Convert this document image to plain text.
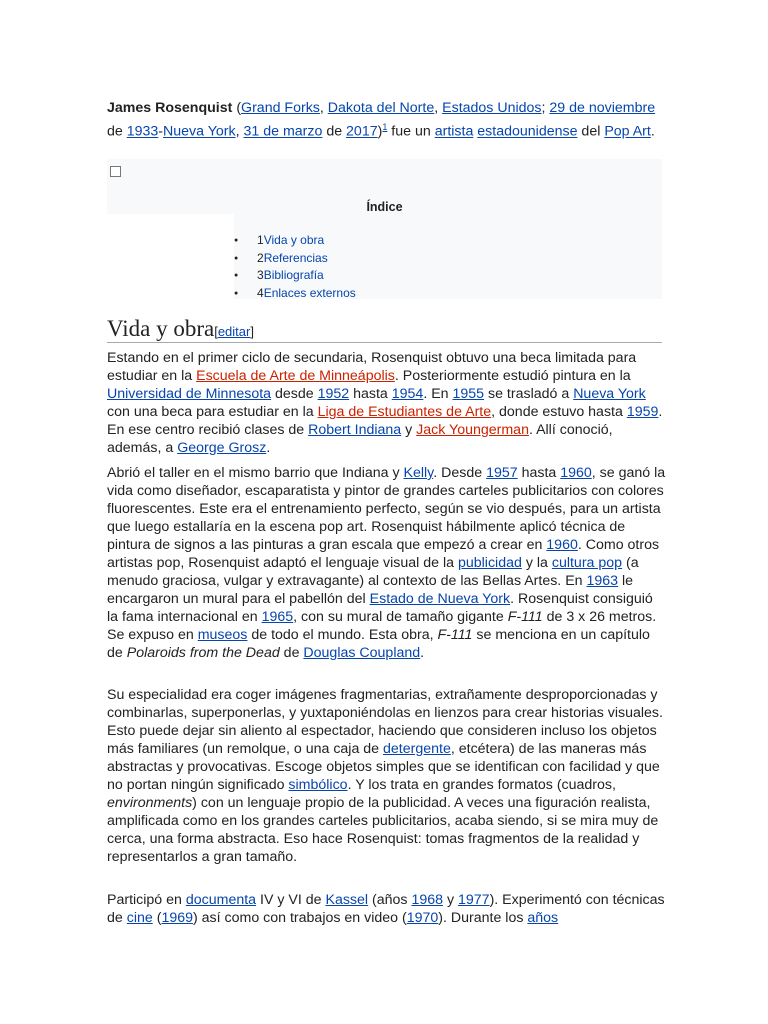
James Rosenquist (Grand Forks, Dakota del Norte, Estados Unidos; 29 de noviembre de 1933-Nueva York, 31 de marzo de 2017)$^1$ fue un artista estadounidense del Pop Art.

Índice
● 1Vida y obra
● 2Referencias
● 3Bibliografía
● 4Enlaces externos
Vida y obra[editar]

Estando en el primer ciclo de secundaria, Rosenquist obtuvo una beca limitada para estudiar en la Escuela de Arte de Minneápolis. Posteriormente estudió pintura en la Universidad de Minnesota desde 1952 hasta 1954. En 1955 se trasladó a Nueva York con una beca para estudiar en la Liga de Estudiantes de Arte, donde estuvo hasta 1959. En ese centro recibió clases de Robert Indiana y Jack Youngerman. Allí conoció, además, a George Grosz.

Abrió el taller en el mismo barrio que Indiana y Kelly. Desde 1957 hasta 1960, se ganó la vida como diseñador, escaparatista y pintor de grandes carteles publicitarios con colores fluorescentes. Este era el entrenamiento perfecto, según se vio después, para un artista que luego estallaría en la escena pop art. Rosenquist hábilmente aplicó técnica de pintura de signos a las pinturas a gran escala que empezó a crear en 1960. Como otros artistas pop, Rosenquist adaptó el lenguaje visual de la publicidad y la cultura pop (a menudo graciosa, vulgar y extravagante) al contexto de las Bellas Artes. En 1963 le encargaron un mural para el pabellón del Estado de Nueva York. Rosenquist consiguió la fama internacional en 1965, con su mural de tamaño gigante F-111 de 3 x 26 metros. Se expuso en museos de todo el mundo. Esta obra, F-111 se menciona en un capítulo de Polaroids from the Dead de Douglas Coupland.

Su especialidad era coger imágenes fragmentarias, extrañamente desproporcionadas y combinarlas, superponerlas, y yuxtaponiéndolas en lienzos para crear historias visuales. Esto puede dejar sin aliento al espectador, haciendo que consideren incluso los objetos más familiares (un remolque, o una caja de detergente, etcétera) de las maneras más abstractas y provocativas. Escoge objetos simples que se identifican con facilidad y que no portan ningún significado simbólico. Y los trata en grandes formatos (cuadros, environments) con un lenguaje propio de la publicidad. A veces una figuración realista, amplificada como en los grandes carteles publicitarios, acaba siendo, si se mira muy de cerca, una forma abstracta. Eso hace Rosenquist: tomas fragmentos de la realidad y representarlos a gran tamaño.

Participó en documenta IV y VI de Kassel (años 1968 y 1977). Experimentó con técnicas de cine (1969) así como con trabajos en video (1970). Durante los años
